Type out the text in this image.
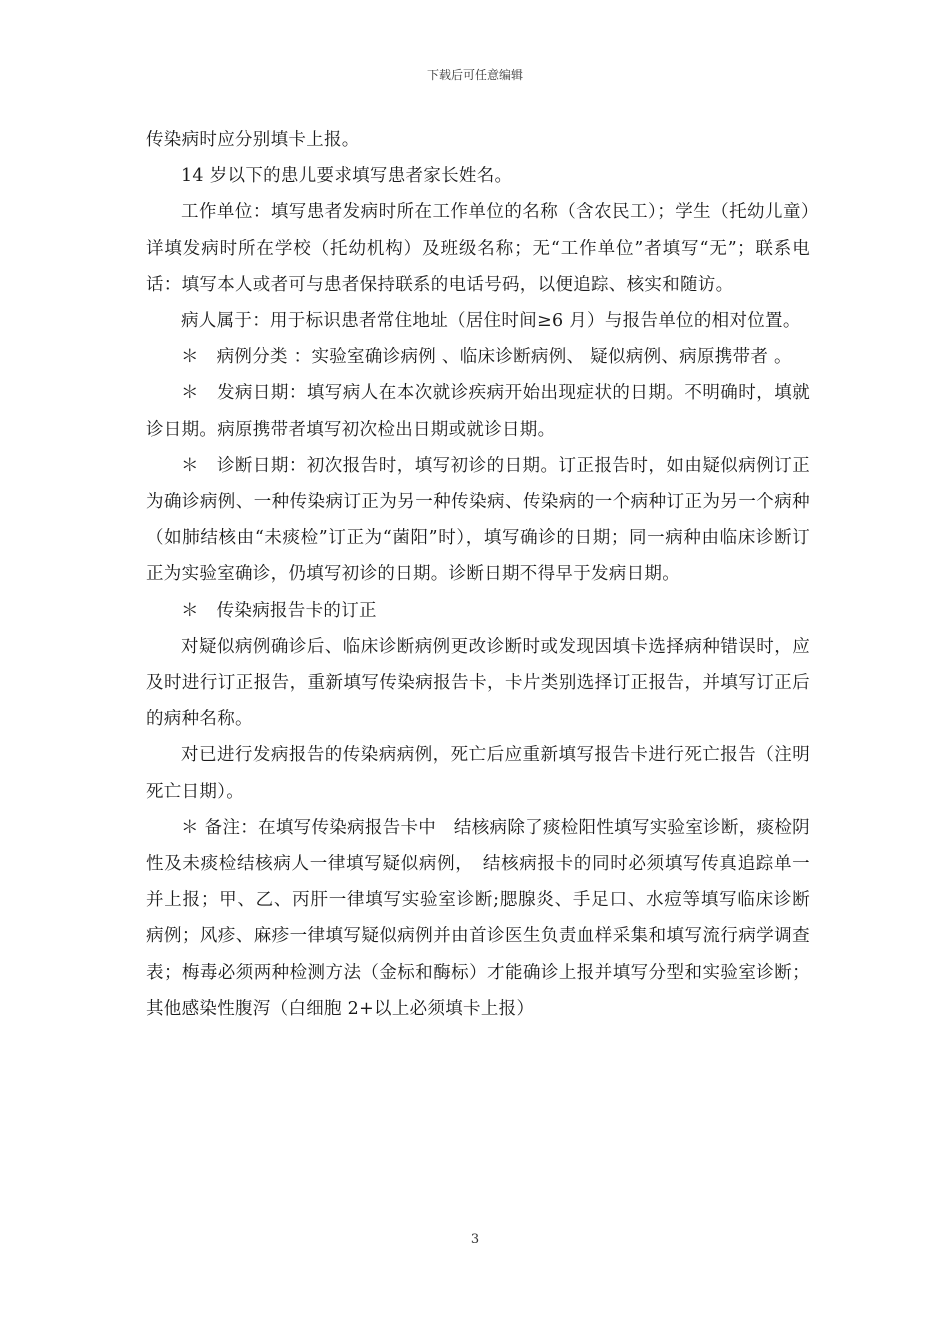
下载后可任意编辑

传染病时应分别填卡上报。

14 岁以下的患儿要求填写患者家长姓名。

工作单位：填写患者发病时所在工作单位的名称（含农民工）；学生（托幼儿童）详填发病时所在学校（托幼机构）及班级名称；无“工作单位”者填写“无”；联系电话：填写本人或者可与患者保持联系的电话号码，以便追踪、核实和随访。

病人属于：用于标识患者常住地址（居住时间≥6 月）与报告单位的相对位置。

＊　病例分类 ：实验室确诊病例 、临床诊断病例、 疑似病例、病原携带者 。

＊　发病日期：填写病人在本次就诊疾病开始出现症状的日期。不明确时，填就诊日期。病原携带者填写初次检出日期或就诊日期。

＊　诊断日期：初次报告时，填写初诊的日期。订正报告时，如由疑似病例订正为确诊病例、一种传染病订正为另一种传染病、传染病的一个病种订正为另一个病种（如肺结核由“未痰检”订正为“菌阳”时），填写确诊的日期；同一病种由临床诊断订正为实验室确诊，仍填写初诊的日期。诊断日期不得早于发病日期。

＊　传染病报告卡的订正

对疑似病例确诊后、临床诊断病例更改诊断时或发现因填卡选择病种错误时，应及时进行订正报告，重新填写传染病报告卡，卡片类别选择订正报告，并填写订正后的病种名称。

对已进行发病报告的传染病病例，死亡后应重新填写报告卡进行死亡报告（注明死亡日期）。

＊ 备注：在填写传染病报告卡中　结核病除了痰检阳性填写实验室诊断，痰检阴性及未痰检结核病人一律填写疑似病例，　结核病报卡的同时必须填写传真追踪单一并上报；甲、乙、丙肝一律填写实验室诊断;腮腺炎、手足口、水痘等填写临床诊断病例；风疹、麻疹一律填写疑似病例并由首诊医生负责血样采集和填写流行病学调查表；梅毒必须两种检测方法（金标和酶标）才能确诊上报并填写分型和实验室诊断；其他感染性腹泻（白细胞 2+以上必须填卡上报）

3
